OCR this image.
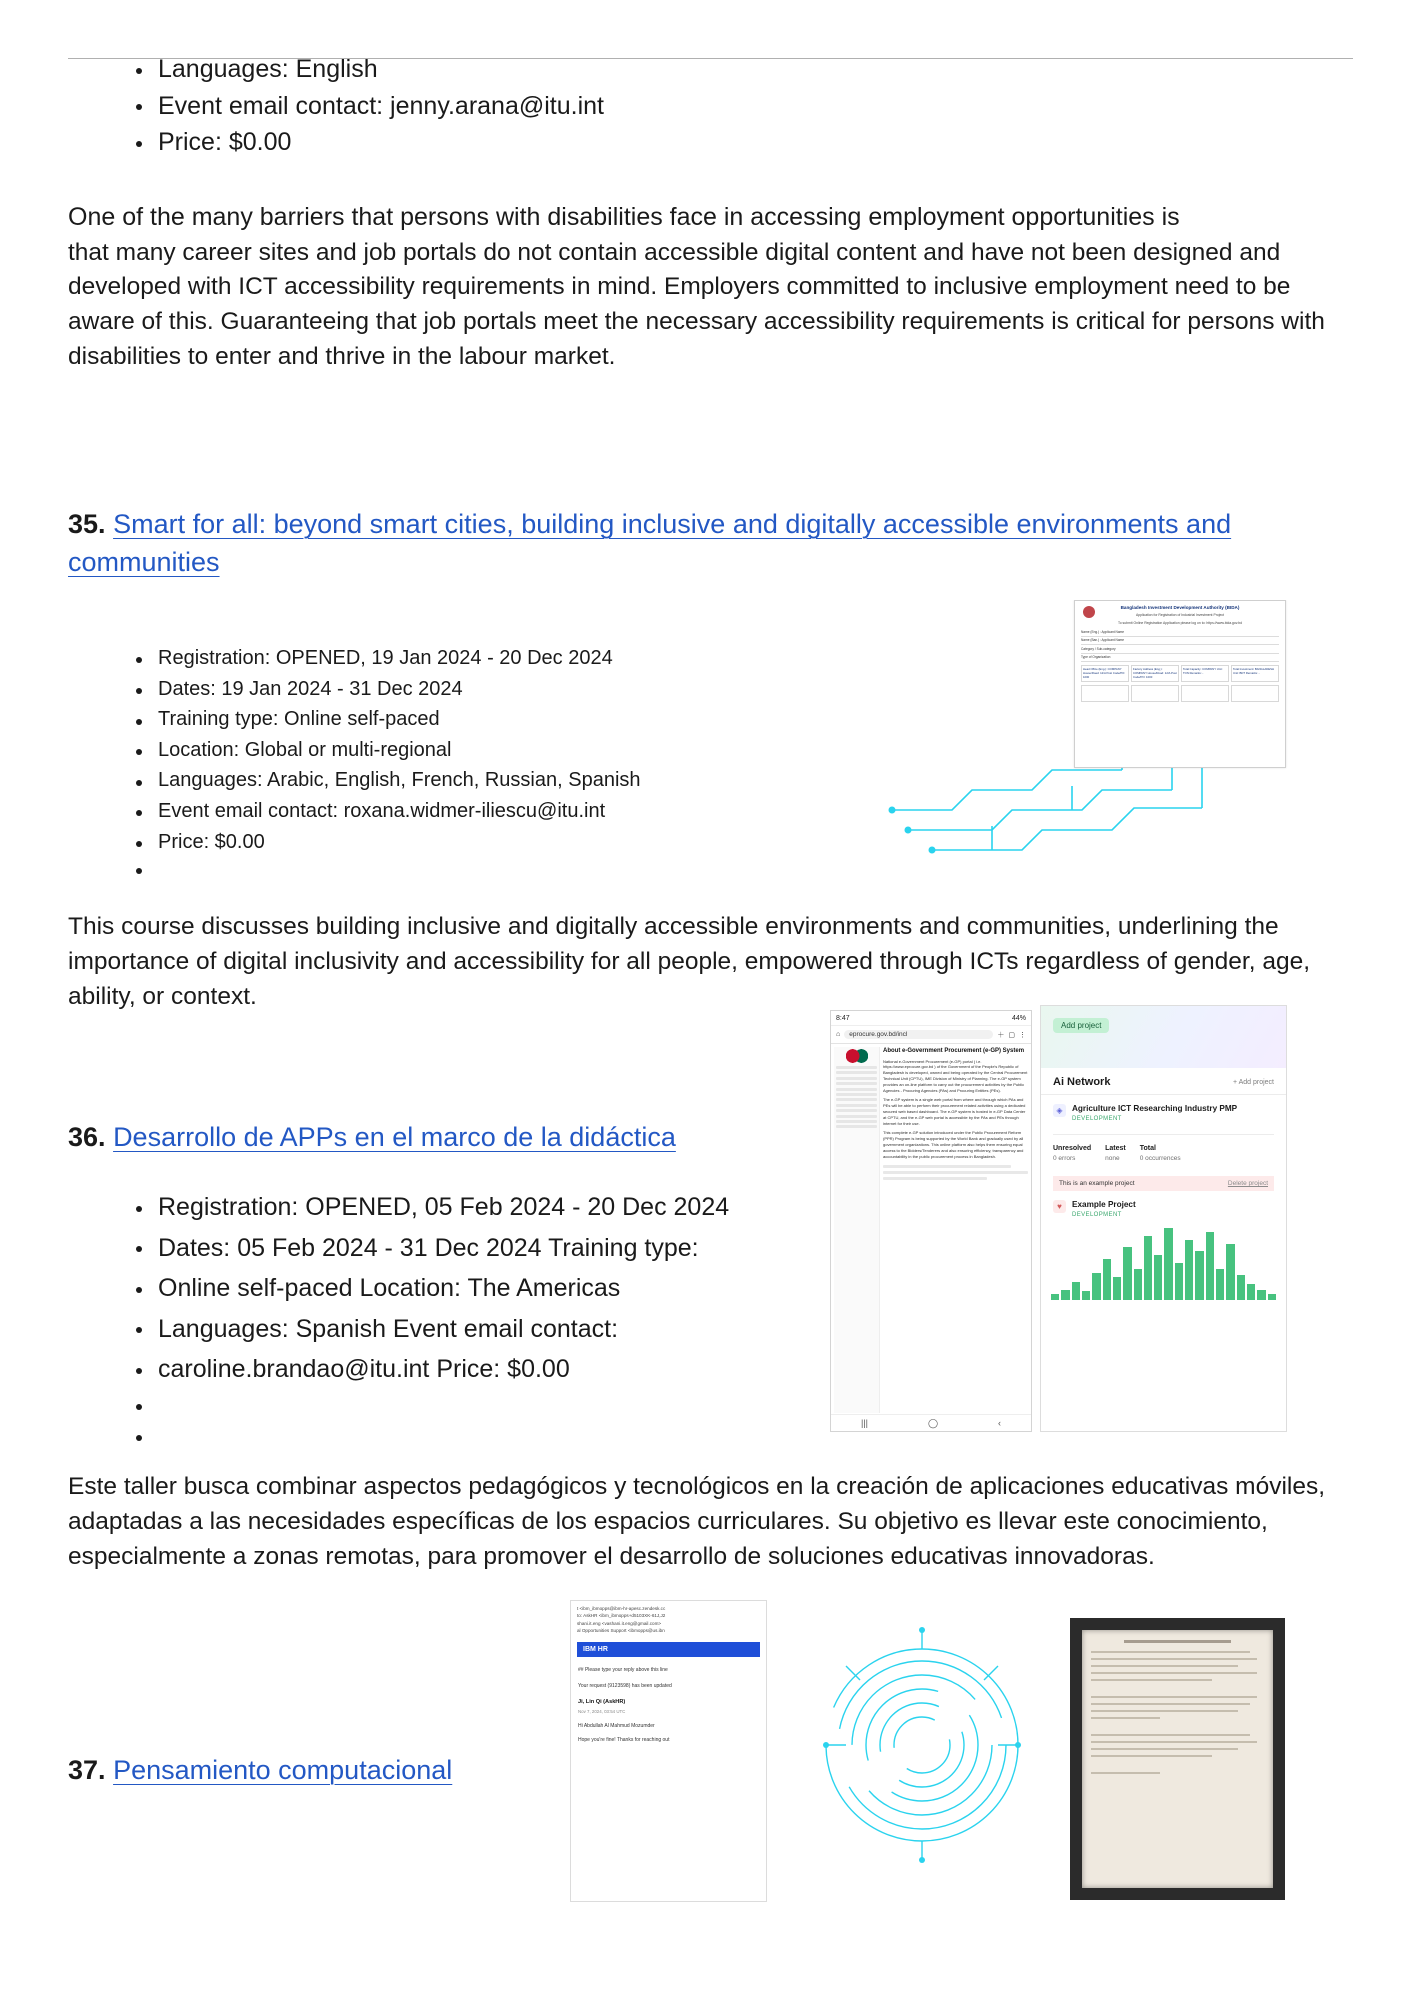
Languages: English
Event email contact: jenny.arana@itu.int
Price: $0.00
One of the many barriers that persons with disabilities face in accessing employment opportunities is
that many career sites and job portals do not contain accessible digital content and have not been designed and developed with ICT accessibility requirements in mind. Employers committed to inclusive employment need to be aware of this. Guaranteeing that job portals meet the necessary accessibility requirements is critical for persons with disabilities to enter and thrive in the labour market.
35. Smart for all: beyond smart cities, building inclusive and digitally accessible environments and communities
Registration: OPENED, 19 Jan 2024 - 20 Dec 2024
Dates: 19 Jan 2024 - 31 Dec 2024
Training type: Online self-paced
Location: Global or multi-regional
Languages: Arabic, English, French, Russian, Spanish
Event email contact: roxana.widmer-iliescu@itu.int
Price: $0.00
This course discusses building inclusive and digitally accessible environments and communities, underlining the importance of digital inclusivity and accessibility for all people, empowered through ICTs regardless of gender, age, ability, or context.
Bangladesh Investment Development Authority (BIDA)
Application for Registration of Industrial Investment Project
To submit Online Registration Application please log on to: https://www.bida.gov.bd
Name (Eng.) : Applicant Name
Name (Ban.) : Applicant Name
Category / Sub-category
Type of Organization
Head Office (Eng.): COMPANY House/Road: 12/A Post Code/PO: 1000
Factory Address (Eng.): COMPANY House/Road: 12/A Post Code/PO: 1000
Total Capacity: COMPANY Unit: TON Remarks: -
Total Investment: BANGLADESH Unit: BDT Remarks: -
36. Desarrollo de APPs en el marco de la didáctica
Registration: OPENED, 05 Feb 2024 - 20 Dec 2024
Dates: 05 Feb 2024 - 31 Dec 2024 Training type:
Online self-paced Location: The Americas
Languages: Spanish Event email contact:
caroline.brandao@itu.int Price: $0.00
Este taller busca combinar aspectos pedagógicos y tecnológicos en la creación de aplicaciones educativas móviles, adaptadas a las necesidades específicas de los espacios curriculares. Su objetivo es llevar este conocimiento, especialmente a zonas remotas, para promover el desarrollo de soluciones educativas innovadoras.
8:47	44%
⌂	eprocure.gov.bd/incl	＋ ▢ ⋮
About e-Government Procurement (e-GP) System
National e-Government Procurement (e-GP) portal ( i.e. https://www.eprocure.gov.bd ) of the Government of the People's Republic of Bangladesh is developed, owned and being operated by the Central Procurement Technical Unit (CPTU), IME Division of Ministry of Planning. The e-GP system provides an on-line platform to carry out the procurement activities by the Public Agencies - Procuring Agencies (PAs) and Procuring Entities (PEs).
The e-GP system is a single web portal from where and through which PAs and PEs will be able to perform their procurement related activities using a dedicated secured web based dashboard. The e-GP system is hosted in e-GP Data Center at CPTU, and the e-GP web portal is accessible by the PAs and PEs through internet for their use.
This complete e-GP solution introduced under the Public Procurement Reform (PPR) Program is being supported by the World Bank and gradually used by all government organizations. This online platform also helps them ensuring equal access to the Bidders/Tenderers and also ensuring efficiency, transparency and accountability in the public procurement process in Bangladesh.
|||	◯	‹
Add project
Ai Network	+ Add project
◈	Agriculture ICT Researching Industry PMP
DEVELOPMENT
Unresolved
0 errors
Latest
none
Total
0 occurrences
This is an example project	Delete project
♥	Example Project
DEVELOPMENT
37. Pensamiento computacional
t <ibm_ibmopps@ibm-hr-apesc.zendesk.cc
to: AskHR <ibm_ibmopps+d5103XK-61J,J2
shani.it.eng <vashani.it.eng@gmail.com>
al Opportunities Support <ibmopps@us.ibn
IBM HR
## Please type your reply above this line
Your request (9123598) has been updated
Ji, Lin Qi (AskHR)
Nov 7, 2024, 03:54 UTC
Hi Abdullah Al Mahmud Mozumder
Hope you're fine! Thanks for reaching out
